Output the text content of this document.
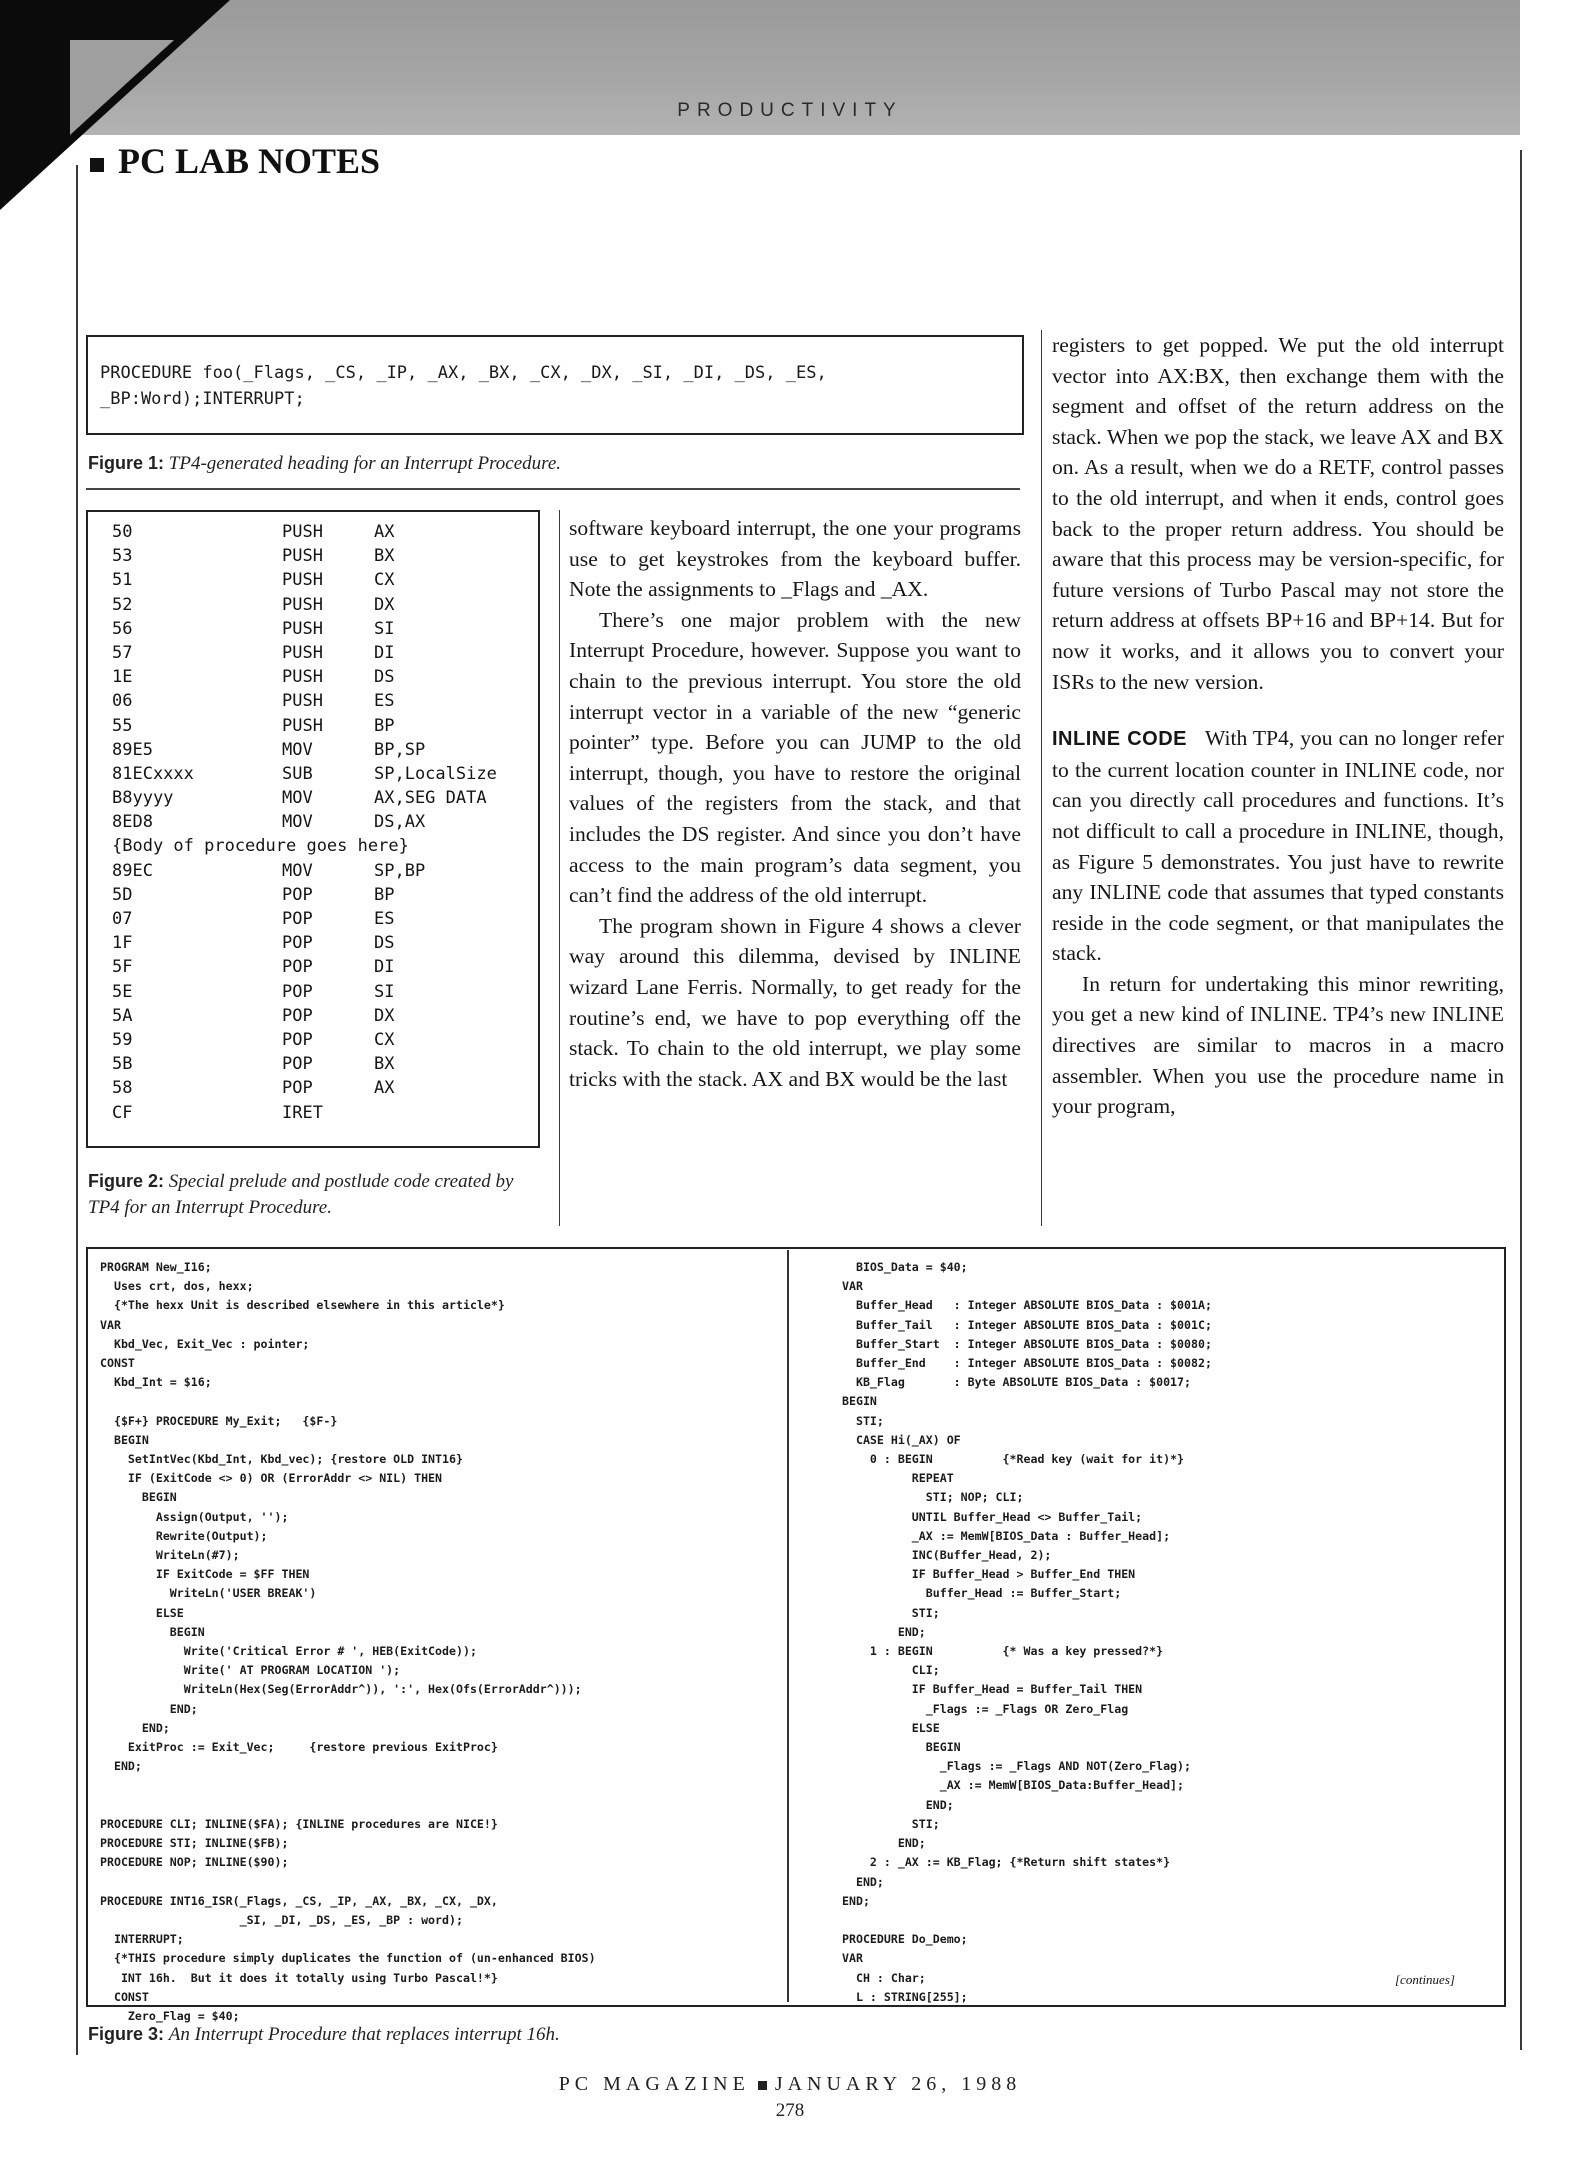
PRODUCTIVITY
PC LAB NOTES
PROCEDURE foo(_Flags, _CS, _IP, _AX, _BX, _CX, _DX, _SI, _DI, _DS, _ES,
_BP:Word);INTERRUPT;
Figure 1: TP4-generated heading for an Interrupt Procedure.
50	PUSH	AX
53	PUSH	BX
51	PUSH	CX
52	PUSH	DX
56	PUSH	SI
57	PUSH	DI
1E	PUSH	DS
06	PUSH	ES
55	PUSH	BP
89E5	MOV	BP,SP
81ECxxxx	SUB	SP,LocalSize
B8yyyy	MOV	AX,SEG DATA
8ED8	MOV	DS,AX
{Body of procedure goes here}
89EC	MOV	SP,BP
5D	POP	BP
07	POP	ES
1F	POP	DS
5F	POP	DI
5E	POP	SI
5A	POP	DX
59	POP	CX
5B	POP	BX
58	POP	AX
CF	IRET
Figure 2: Special prelude and postlude code created by TP4 for an Interrupt Procedure.

software keyboard interrupt, the one your programs use to get keystrokes from the keyboard buffer. Note the assignments to _Flags and _AX.

There’s one major problem with the new Interrupt Procedure, however. Suppose you want to chain to the previous interrupt. You store the old interrupt vector in a variable of the new “generic pointer” type. Before you can JUMP to the old interrupt, though, you have to restore the original values of the registers from the stack, and that includes the DS register. And since you don’t have access to the main program’s data segment, you can’t find the address of the old interrupt.

The program shown in Figure 4 shows a clever way around this dilemma, devised by INLINE wizard Lane Ferris. Normally, to get ready for the routine’s end, we have to pop everything off the stack. To chain to the old interrupt, we play some tricks with the stack. AX and BX would be the last

registers to get popped. We put the old interrupt vector into AX:BX, then exchange them with the segment and offset of the return address on the stack. When we pop the stack, we leave AX and BX on. As a result, when we do a RETF, control passes to the old interrupt, and when it ends, control goes back to the proper return address. You should be aware that this process may be version-specific, for future versions of Turbo Pascal may not store the return address at offsets BP+16 and BP+14. But for now it works, and it allows you to convert your ISRs to the new version.

INLINE CODE With TP4, you can no longer refer to the current location counter in INLINE code, nor can you directly call procedures and functions. It’s not difficult to call a procedure in INLINE, though, as Figure 5 demonstrates. You just have to rewrite any INLINE code that assumes that typed constants reside in the code segment, or that manipulates the stack.

In return for undertaking this minor rewriting, you get a new kind of INLINE. TP4’s new INLINE directives are similar to macros in a macro assembler. When you use the procedure name in your program,

PROGRAM New_I16;
Uses crt, dos, hexx;
{*The hexx Unit is described elsewhere in this article*}
VAR
Kbd_Vec, Exit_Vec : pointer;
CONST
Kbd_Int = $16;

{$F+} PROCEDURE My_Exit;   {$F-}
BEGIN
SetIntVec(Kbd_Int, Kbd_vec); {restore OLD INT16}
IF (ExitCode <> 0) OR (ErrorAddr <> NIL) THEN
BEGIN
Assign(Output, '');
Rewrite(Output);
WriteLn(#7);
IF ExitCode = $FF THEN
WriteLn('USER BREAK')
ELSE
BEGIN
Write('Critical Error # ', HEB(ExitCode));
Write(' AT PROGRAM LOCATION ');
WriteLn(Hex(Seg(ErrorAddr^)), ':', Hex(Ofs(ErrorAddr^)));
END;
END;
ExitProc := Exit_Vec;     {restore previous ExitProc}
END;

PROCEDURE CLI; INLINE($FA); {INLINE procedures are NICE!}
PROCEDURE STI; INLINE($FB);
PROCEDURE NOP; INLINE($90);

PROCEDURE INT16_ISR(_Flags, _CS, _IP, _AX, _BX, _CX, _DX,
_SI, _DI, _DS, _ES, _BP : word);
INTERRUPT;
{*THIS procedure simply duplicates the function of (un-enhanced BIOS)
INT 16h.  But it does it totally using Turbo Pascal!*}
CONST
Zero_Flag = $40;
BIOS_Data = $40;
VAR
Buffer_Head   : Integer ABSOLUTE BIOS_Data : $001A;
Buffer_Tail   : Integer ABSOLUTE BIOS_Data : $001C;
Buffer_Start  : Integer ABSOLUTE BIOS_Data : $0080;
Buffer_End    : Integer ABSOLUTE BIOS_Data : $0082;
KB_Flag       : Byte ABSOLUTE BIOS_Data : $0017;
BEGIN
STI;
CASE Hi(_AX) OF
0 : BEGIN          {*Read key (wait for it)*}
REPEAT
STI; NOP; CLI;
UNTIL Buffer_Head <> Buffer_Tail;
_AX := MemW[BIOS_Data : Buffer_Head];
INC(Buffer_Head, 2);
IF Buffer_Head > Buffer_End THEN
Buffer_Head := Buffer_Start;
STI;
END;
1 : BEGIN          {* Was a key pressed?*}
CLI;
IF Buffer_Head = Buffer_Tail THEN
_Flags := _Flags OR Zero_Flag
ELSE
BEGIN
_Flags := _Flags AND NOT(Zero_Flag);
_AX := MemW[BIOS_Data:Buffer_Head];
END;
STI;
END;
2 : _AX := KB_Flag; {*Return shift states*}
END;
END;

PROCEDURE Do_Demo;
VAR
CH : Char;
L : STRING[255];
[continues]
Figure 3: An Interrupt Procedure that replaces interrupt 16h.
PC MAGAZINE JANUARY 26, 1988
278
